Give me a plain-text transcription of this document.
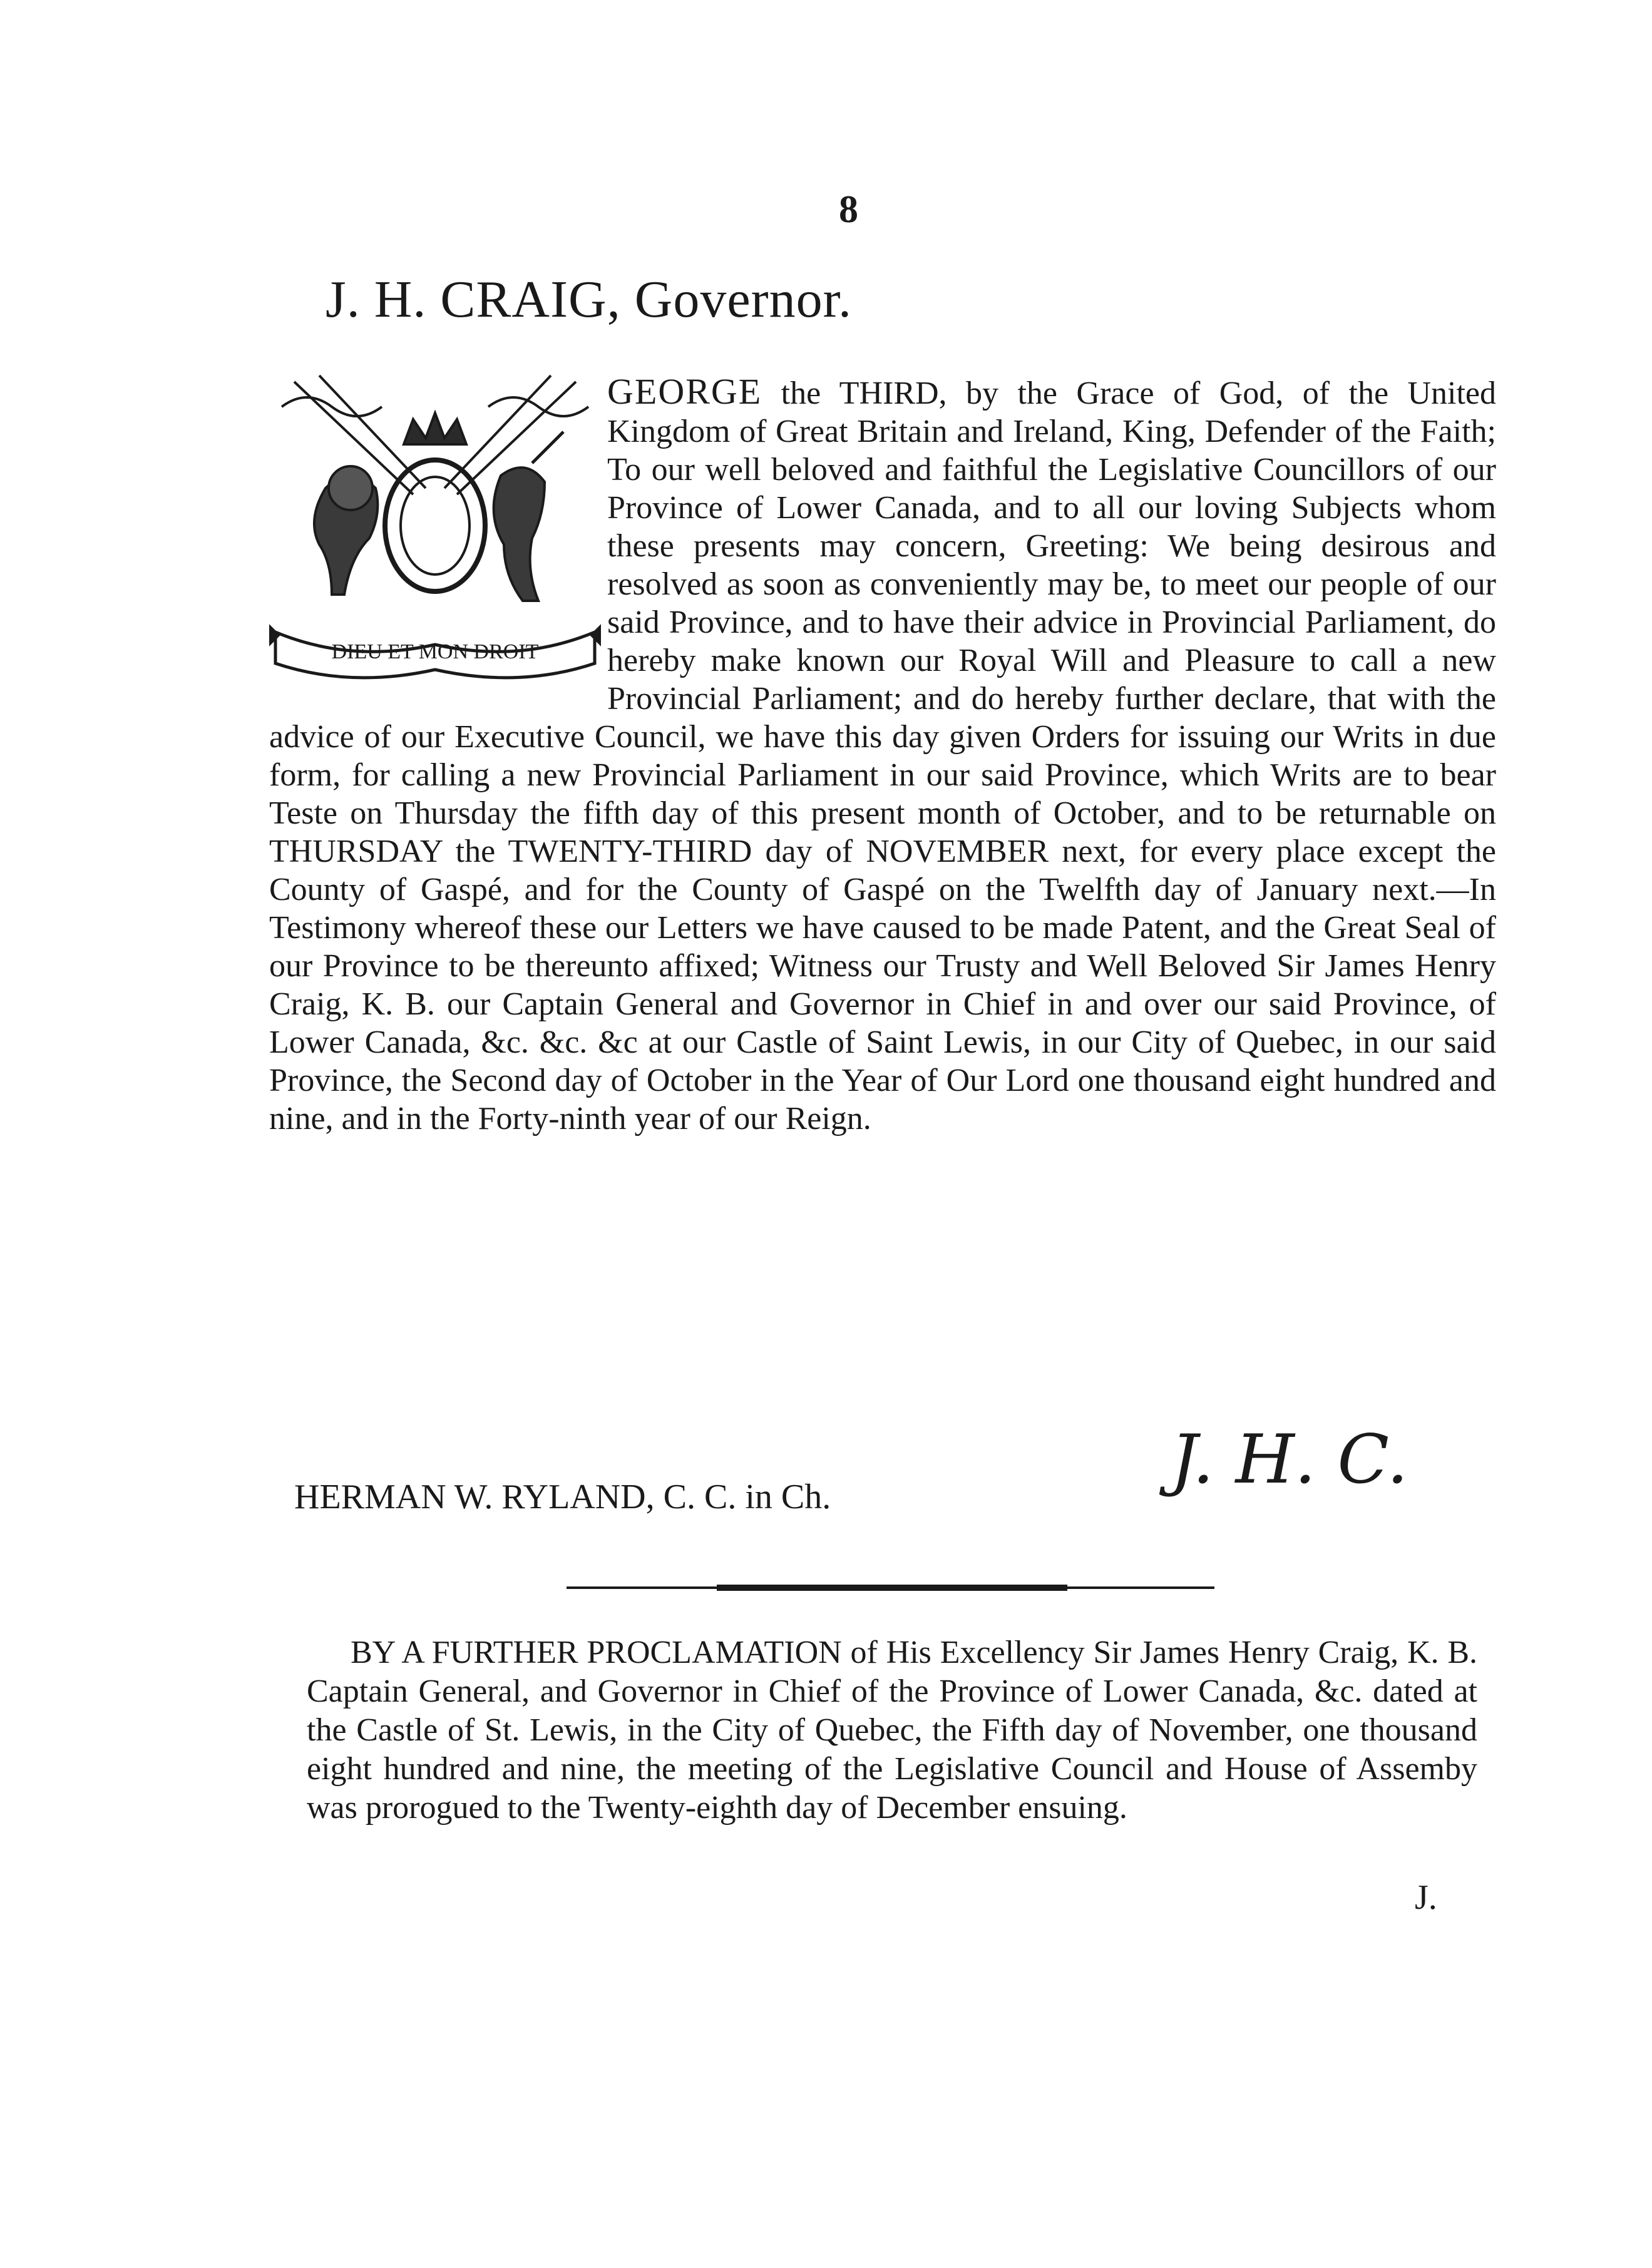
8
J. H. CRAIG, Governor.
DIEU ET MON DROIT
GEORGE the THIRD, by the Grace of God, of the United Kingdom of Great Britain and Ireland, King, Defender of the Faith; To our well beloved and faithful the Legislative Councillors of our Province of Lower Canada, and to all our loving Subjects whom these presents may concern, Greeting: We being desirous and resolved as soon as conveniently may be, to meet our people of our said Province, and to have their advice in Provincial Parliament, do hereby make known our Royal Will and Pleasure to call a new Provincial Parliament; and do hereby further declare, that with the advice of our Executive Council, we have this day given Orders for issuing our Writs in due form, for calling a new Provincial Parliament in our said Province, which Writs are to bear Teste on Thursday the fifth day of this present month of October, and to be returnable on THURSDAY the TWENTY-THIRD day of NOVEMBER next, for every place except the County of Gaspé, and for the County of Gaspé on the Twelfth day of January next.—In Testimony whereof these our Letters we have caused to be made Patent, and the Great Seal of our Province to be thereunto affixed; Witness our Trusty and Well Beloved Sir James Henry Craig, K. B. our Captain General and Governor in Chief in and over our said Province, of Lower Canada, &c. &c. &c at our Castle of Saint Lewis, in our City of Quebec, in our said Province, the Second day of October in the Year of Our Lord one thousand eight hundred and nine, and in the Forty-ninth year of our Reign.
J. H. C.
HERMAN W. RYLAND, C. C. in Ch.
BY A FURTHER PROCLAMATION of His Excellency Sir James Henry Craig, K. B. Captain General, and Governor in Chief of the Province of Lower Canada, &c. dated at the Castle of St. Lewis, in the City of Quebec, the Fifth day of November, one thousand eight hundred and nine, the meeting of the Legislative Council and House of Assemby was prorogued to the Twenty-eighth day of December ensuing.
J.
